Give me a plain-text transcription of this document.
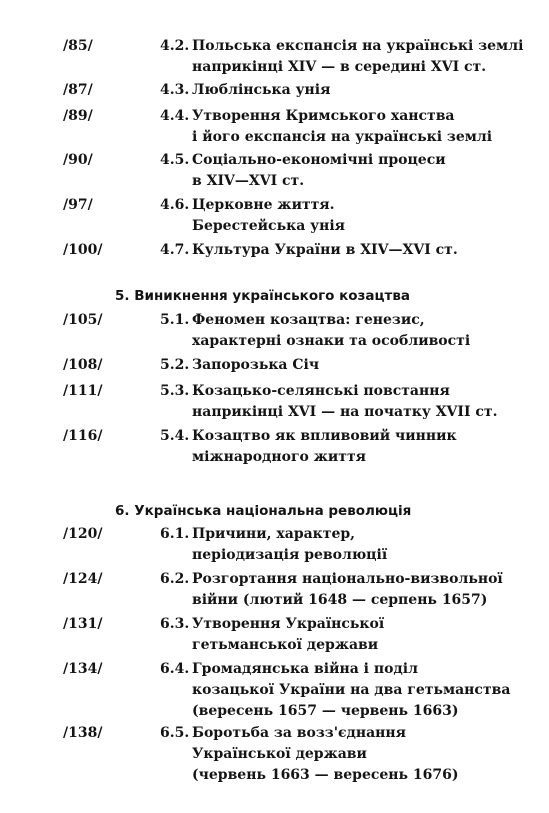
/85/	4.2. Польська експансія на українські землі
наприкінці XIV — в середині XVI ст.
/87/	4.3. Люблінська унія
/89/	4.4. Утворення Кримського ханства
і його експансія на українські землі
/90/	4.5. Соціально-економічні процеси
в XIV—XVI ст.
/97/	4.6. Церковне життя.
Берестейська унія
/100/	4.7. Культура України в XIV—XVI ст.
5. Виникнення українського козацтва
/105/	5.1. Феномен козацтва: генезис,
характерні ознаки та особливості
/108/	5.2. Запорозька Січ
/111/	5.3. Козацько-селянські повстання
наприкінці XVI — на початку XVII ст.
/116/	5.4. Козацтво як впливовий чинник
міжнародного життя
6. Українська національна революція
/120/	6.1. Причини, характер,
періодизація революції
/124/	6.2. Розгортання національно-визвольної
війни (лютий 1648 — серпень 1657)
/131/	6.3. Утворення Української
гетьманської держави
/134/	6.4. Громадянська війна і поділ
козацької України на два гетьманства
(вересень 1657 — червень 1663)
/138/	6.5. Боротьба за возз'єднання
Української держави
(червень 1663 — вересень 1676)
